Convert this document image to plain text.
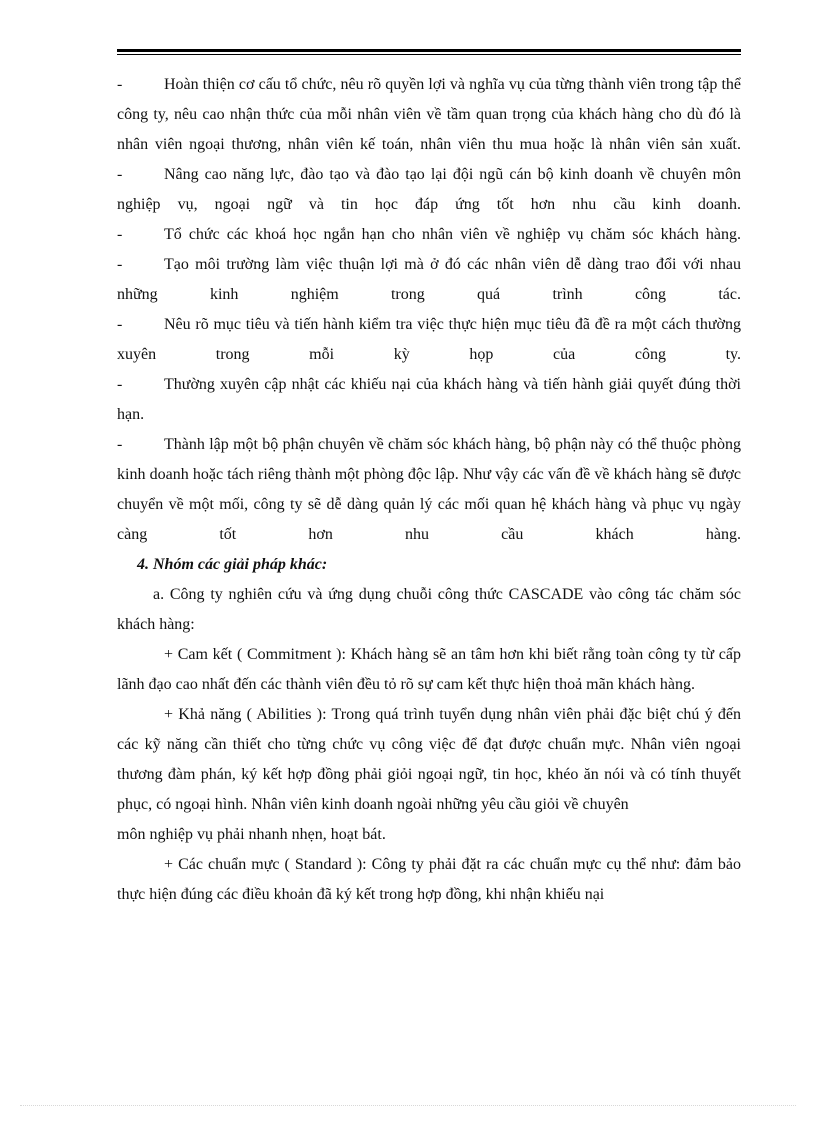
-	Hoàn thiện cơ cấu tổ chức, nêu rõ quyền lợi và nghĩa vụ của từng thành viên trong tập thể công ty, nêu cao nhận thức của mỗi nhân viên về tầm quan trọng của khách hàng cho dù đó là nhân viên ngoại thương, nhân viên kế toán, nhân viên thu mua hoặc là nhân viên sản xuất.

-	Nâng cao năng lực, đào tạo và đào tạo lại đội ngũ cán bộ kinh doanh về chuyên môn nghiệp vụ, ngoại ngữ và tin học đáp ứng tốt hơn nhu cầu kinh doanh.

-	Tổ chức các khoá học ngắn hạn cho nhân viên về nghiệp vụ chăm sóc khách hàng.

-	Tạo môi trường làm việc thuận lợi mà ở đó các nhân viên dễ dàng trao đổi với nhau những kinh nghiệm trong quá trình công tác.

-	Nêu rõ mục tiêu và tiến hành kiểm tra việc thực hiện mục tiêu đã đề ra một cách thường xuyên trong mỗi kỳ họp của công ty.

-	Thường xuyên cập nhật các khiếu nại của khách hàng và tiến hành giải quyết đúng thời hạn.

-	Thành lập một bộ phận chuyên về chăm sóc khách hàng, bộ phận này có thể thuộc phòng kinh doanh hoặc tách riêng thành một phòng độc lập. Như vậy các vấn đề về khách hàng sẽ được chuyển về một mối, công ty sẽ dễ dàng quản lý các mối quan hệ khách hàng và phục vụ ngày càng tốt hơn nhu cầu khách hàng.

4. Nhóm các giải pháp khác:

a. Công ty nghiên cứu và ứng dụng chuỗi công thức CASCADE vào công tác chăm sóc khách hàng:

+ Cam kết ( Commitment ): Khách hàng sẽ an tâm hơn khi biết rằng toàn công ty từ cấp lãnh đạo cao nhất đến các thành viên đều tỏ rõ sự cam kết thực hiện thoả mãn khách hàng.

+ Khả năng ( Abilities ): Trong quá trình tuyển dụng nhân viên phải đặc biệt chú ý đến các kỹ năng cần thiết cho từng chức vụ công việc để đạt được chuẩn mực. Nhân viên ngoại thương đàm phán, ký kết hợp đồng phải giỏi ngoại ngữ, tin học, khéo ăn nói và có tính thuyết phục, có ngoại hình. Nhân viên kinh doanh ngoài những yêu cầu giỏi về chuyên

môn nghiệp vụ phải nhanh nhẹn, hoạt bát.

+ Các chuẩn mực ( Standard ): Công ty phải đặt ra các chuẩn mực cụ thể như: đảm bảo thực hiện đúng các điều khoản đã ký kết trong hợp đồng, khi nhận khiếu nại
